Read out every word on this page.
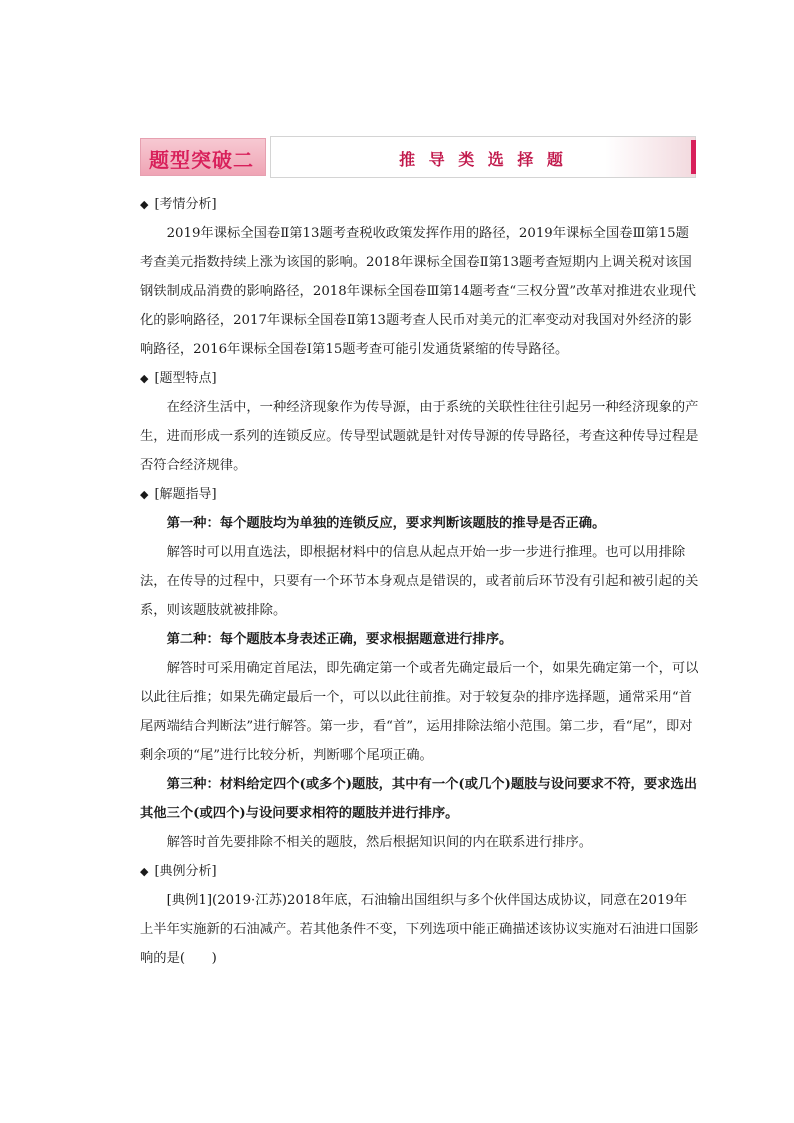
题型突破二	推 导 类 选 择 题

◆ [考情分析]

2019年课标全国卷Ⅱ第13题考查税收政策发挥作用的路径，2019年课标全国卷Ⅲ第15题考查美元指数持续上涨为该国的影响。2018年课标全国卷Ⅱ第13题考查短期内上调关税对该国钢铁制成品消费的影响路径，2018年课标全国卷Ⅲ第14题考查“三权分置”改革对推进农业现代化的影响路径，2017年课标全国卷Ⅱ第13题考查人民币对美元的汇率变动对我国对外经济的影响路径，2016年课标全国卷Ⅰ第15题考查可能引发通货紧缩的传导路径。

◆ [题型特点]

在经济生活中，一种经济现象作为传导源，由于系统的关联性往往引起另一种经济现象的产生，进而形成一系列的连锁反应。传导型试题就是针对传导源的传导路径，考查这种传导过程是否符合经济规律。

◆ [解题指导]

第一种：每个题肢均为单独的连锁反应，要求判断该题肢的推导是否正确。

解答时可以用直选法，即根据材料中的信息从起点开始一步一步进行推理。也可以用排除法，在传导的过程中，只要有一个环节本身观点是错误的，或者前后环节没有引起和被引起的关系，则该题肢就被排除。

第二种：每个题肢本身表述正确，要求根据题意进行排序。

解答时可采用确定首尾法，即先确定第一个或者先确定最后一个，如果先确定第一个，可以以此往后推；如果先确定最后一个，可以以此往前推。对于较复杂的排序选择题，通常采用“首尾两端结合判断法”进行解答。第一步，看“首”，运用排除法缩小范围。第二步，看“尾”，即对剩余项的“尾”进行比较分析，判断哪个尾项正确。

第三种：材料给定四个(或多个)题肢，其中有一个(或几个)题肢与设问要求不符，要求选出其他三个(或四个)与设问要求相符的题肢并进行排序。

解答时首先要排除不相关的题肢，然后根据知识间的内在联系进行排序。

◆ [典例分析]

[典例1](2019·江苏)2018年底，石油输出国组织与多个伙伴国达成协议，同意在2019年上半年实施新的石油减产。若其他条件不变，下列选项中能正确描述该协议实施对石油进口国影响的是(　　)
